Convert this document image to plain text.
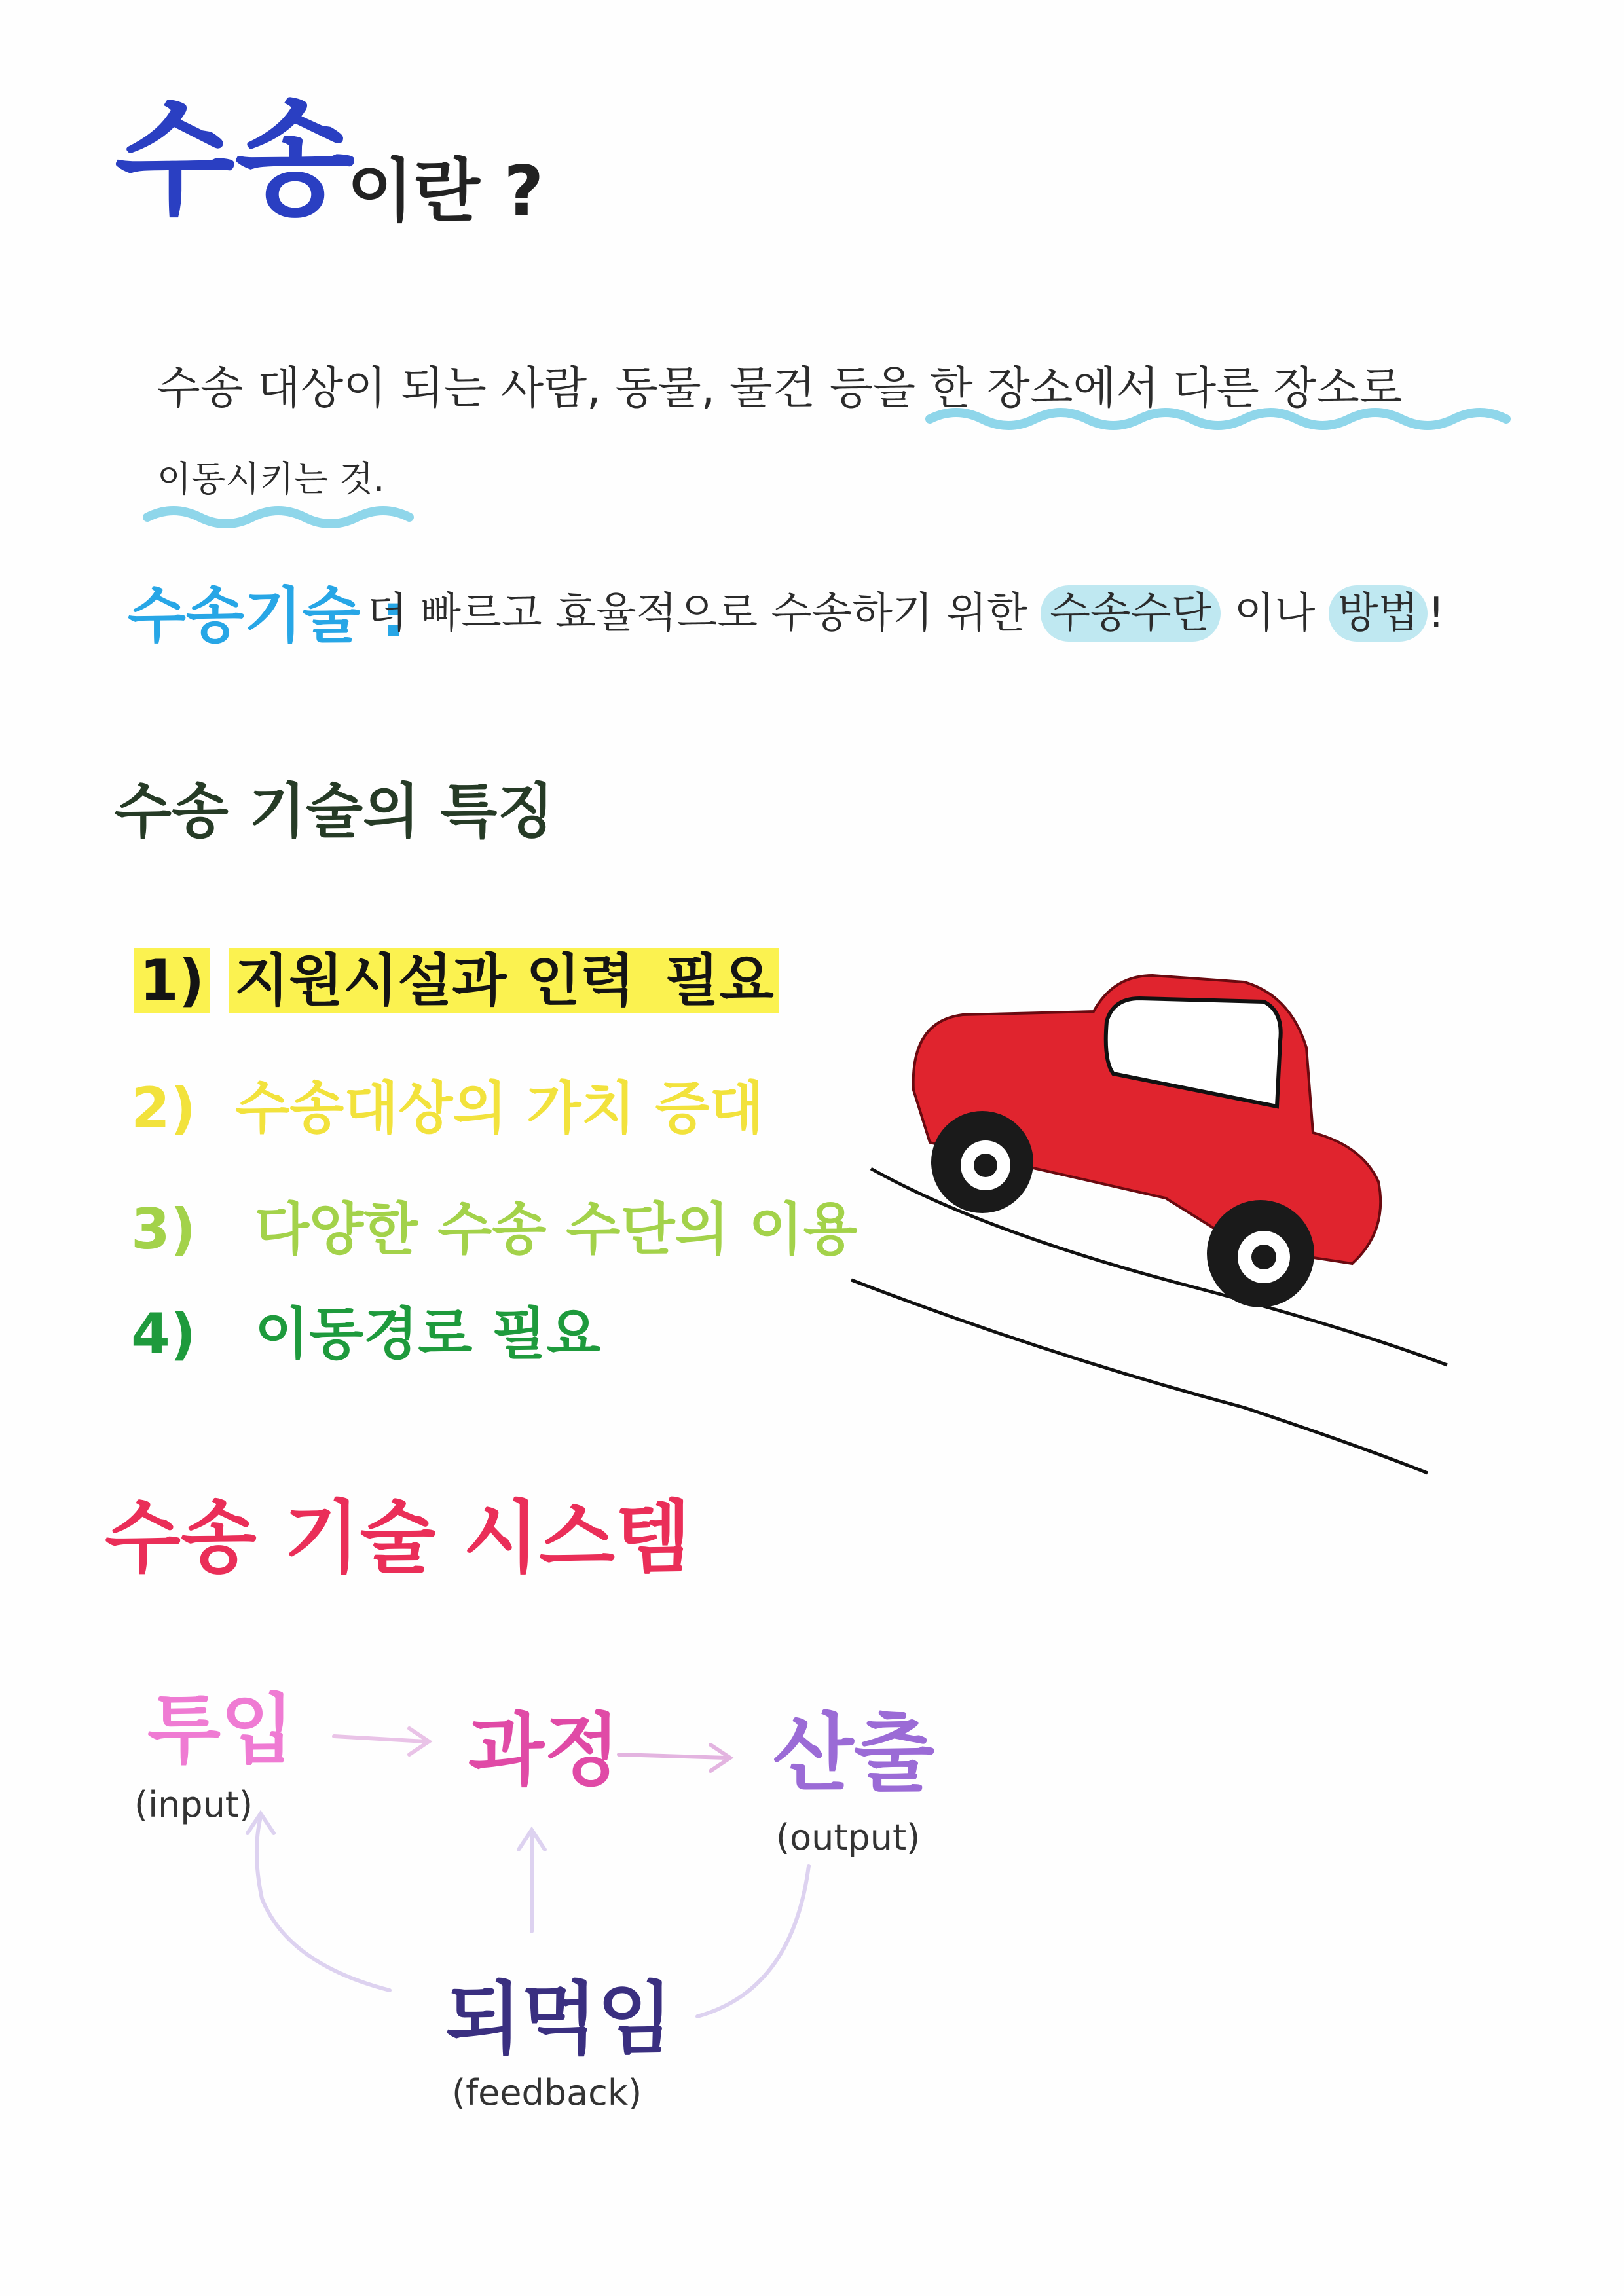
수송
이란 ?
수송 대상이 되는 사람, 동물, 물건 등을 한 장소에서 다른 장소로
이동시키는 것.
수송기술 :
더 빠르고 효율적으로 수송하기 위한 수송수단 이나 방법 !
수송 기술의 특징
1) 지원시설과 인력 필요
2) 수송대상의 가치 증대
3) 다양한 수송 수단의 이용
4) 이동경로 필요
수송 기술 시스템
투입
(input)
과정 산출
(output)
되먹임
(feedback)
